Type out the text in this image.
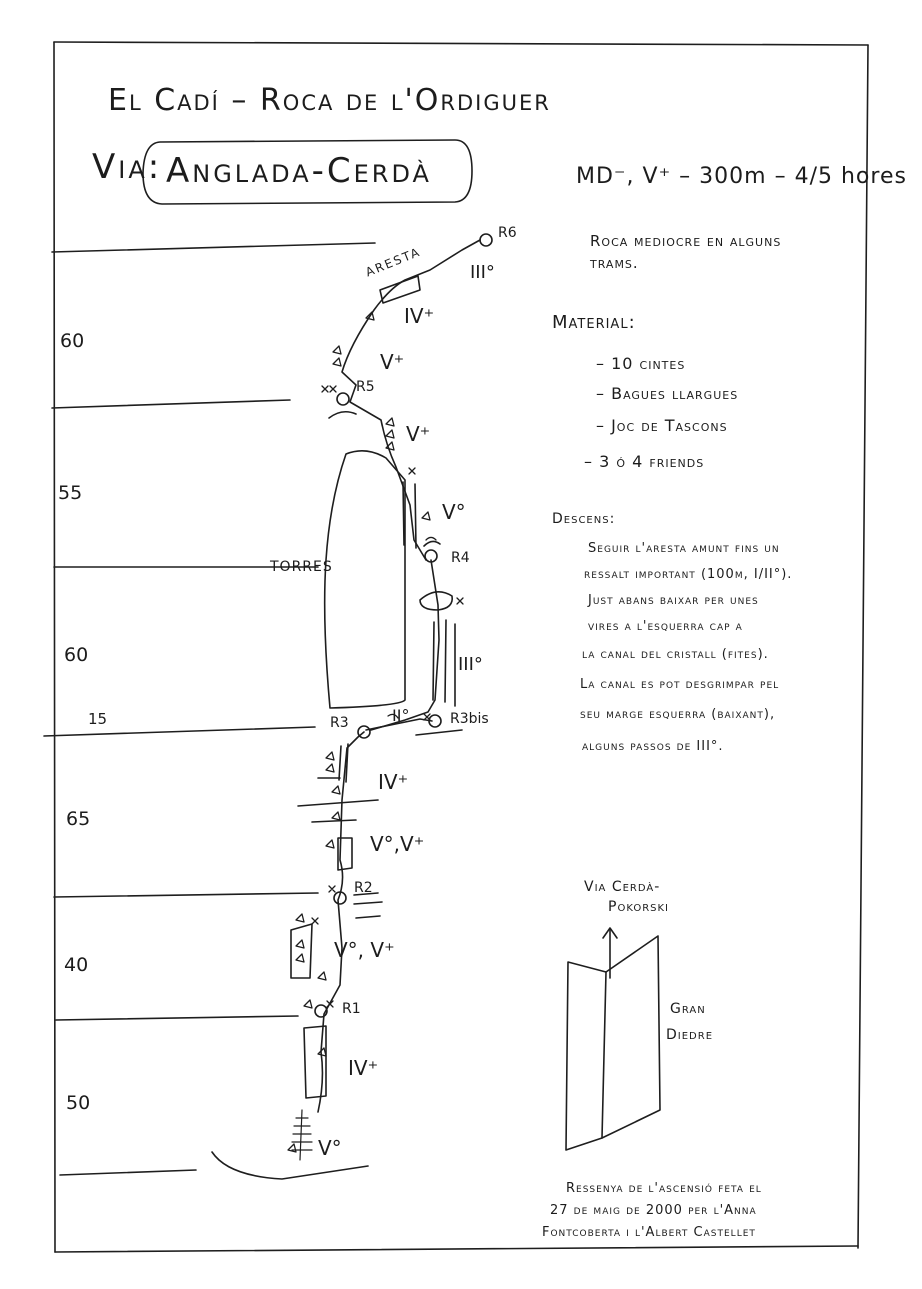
El Cadí – Roca de l'Ordiguer
Via: Anglada-Cerdà	MD⁻, V⁺ – 300m – 4/5 hores
Roca mediocre en alguns
trams.
Material:
– 10 cintes
– Bagues llargues
– Joc de Tascons
– 3 ó 4 friends
Descens:
Seguir l'aresta amunt fins un
ressalt important (100m, I/II°).
Just abans baixar per unes
vires a l'esquerra cap a
la canal del cristall (fites).
La canal es pot desgrimpar pel
seu marge esquerra (baixant),
alguns passos de III°.
60
55
60
15
65
40
50
ARESTA
TORRES
R6
R5
R4
R3	R3bis
R2
R1
III°
IV⁺
V⁺
V⁺
V°
III°
II°
IV⁺
V°,V⁺
V°, V⁺
IV⁺
V°
Via Cerdà-
Pokorski
Gran
Diedre
Ressenya de l'ascensió feta el
27 de maig de 2000 per l'Anna
Fontcoberta i l'Albert Castellet
